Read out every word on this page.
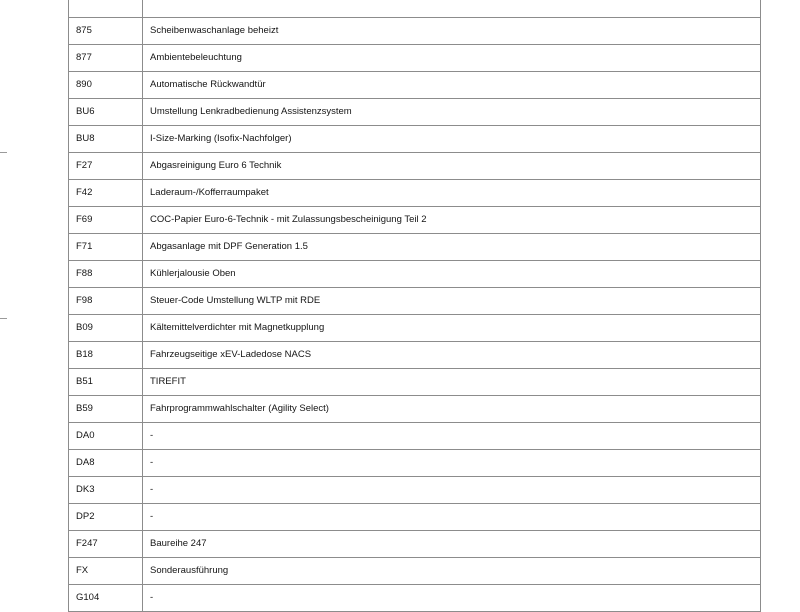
875	Scheibenwaschanlage beheizt
877	Ambientebeleuchtung
890	Automatische Rückwandtür
BU6	Umstellung Lenkradbedienung Assistenzsystem
BU8	I-Size-Marking (Isofix-Nachfolger)
F27	Abgasreinigung Euro 6 Technik
F42	Laderaum-/Kofferraumpaket
F69	COC-Papier Euro-6-Technik - mit Zulassungsbescheinigung Teil 2
F71	Abgasanlage mit DPF Generation 1.5
F88	Kühlerjalousie Oben
F98	Steuer-Code Umstellung WLTP mit RDE
B09	Kältemittelverdichter mit Magnetkupplung
B18	Fahrzeugseitige xEV-Ladedose NACS
B51	TIREFIT
B59	Fahrprogrammwahlschalter (Agility Select)
DA0	-
DA8	-
DK3	-
DP2	-
F247	Baureihe 247
FX	Sonderausführung
G104	-
